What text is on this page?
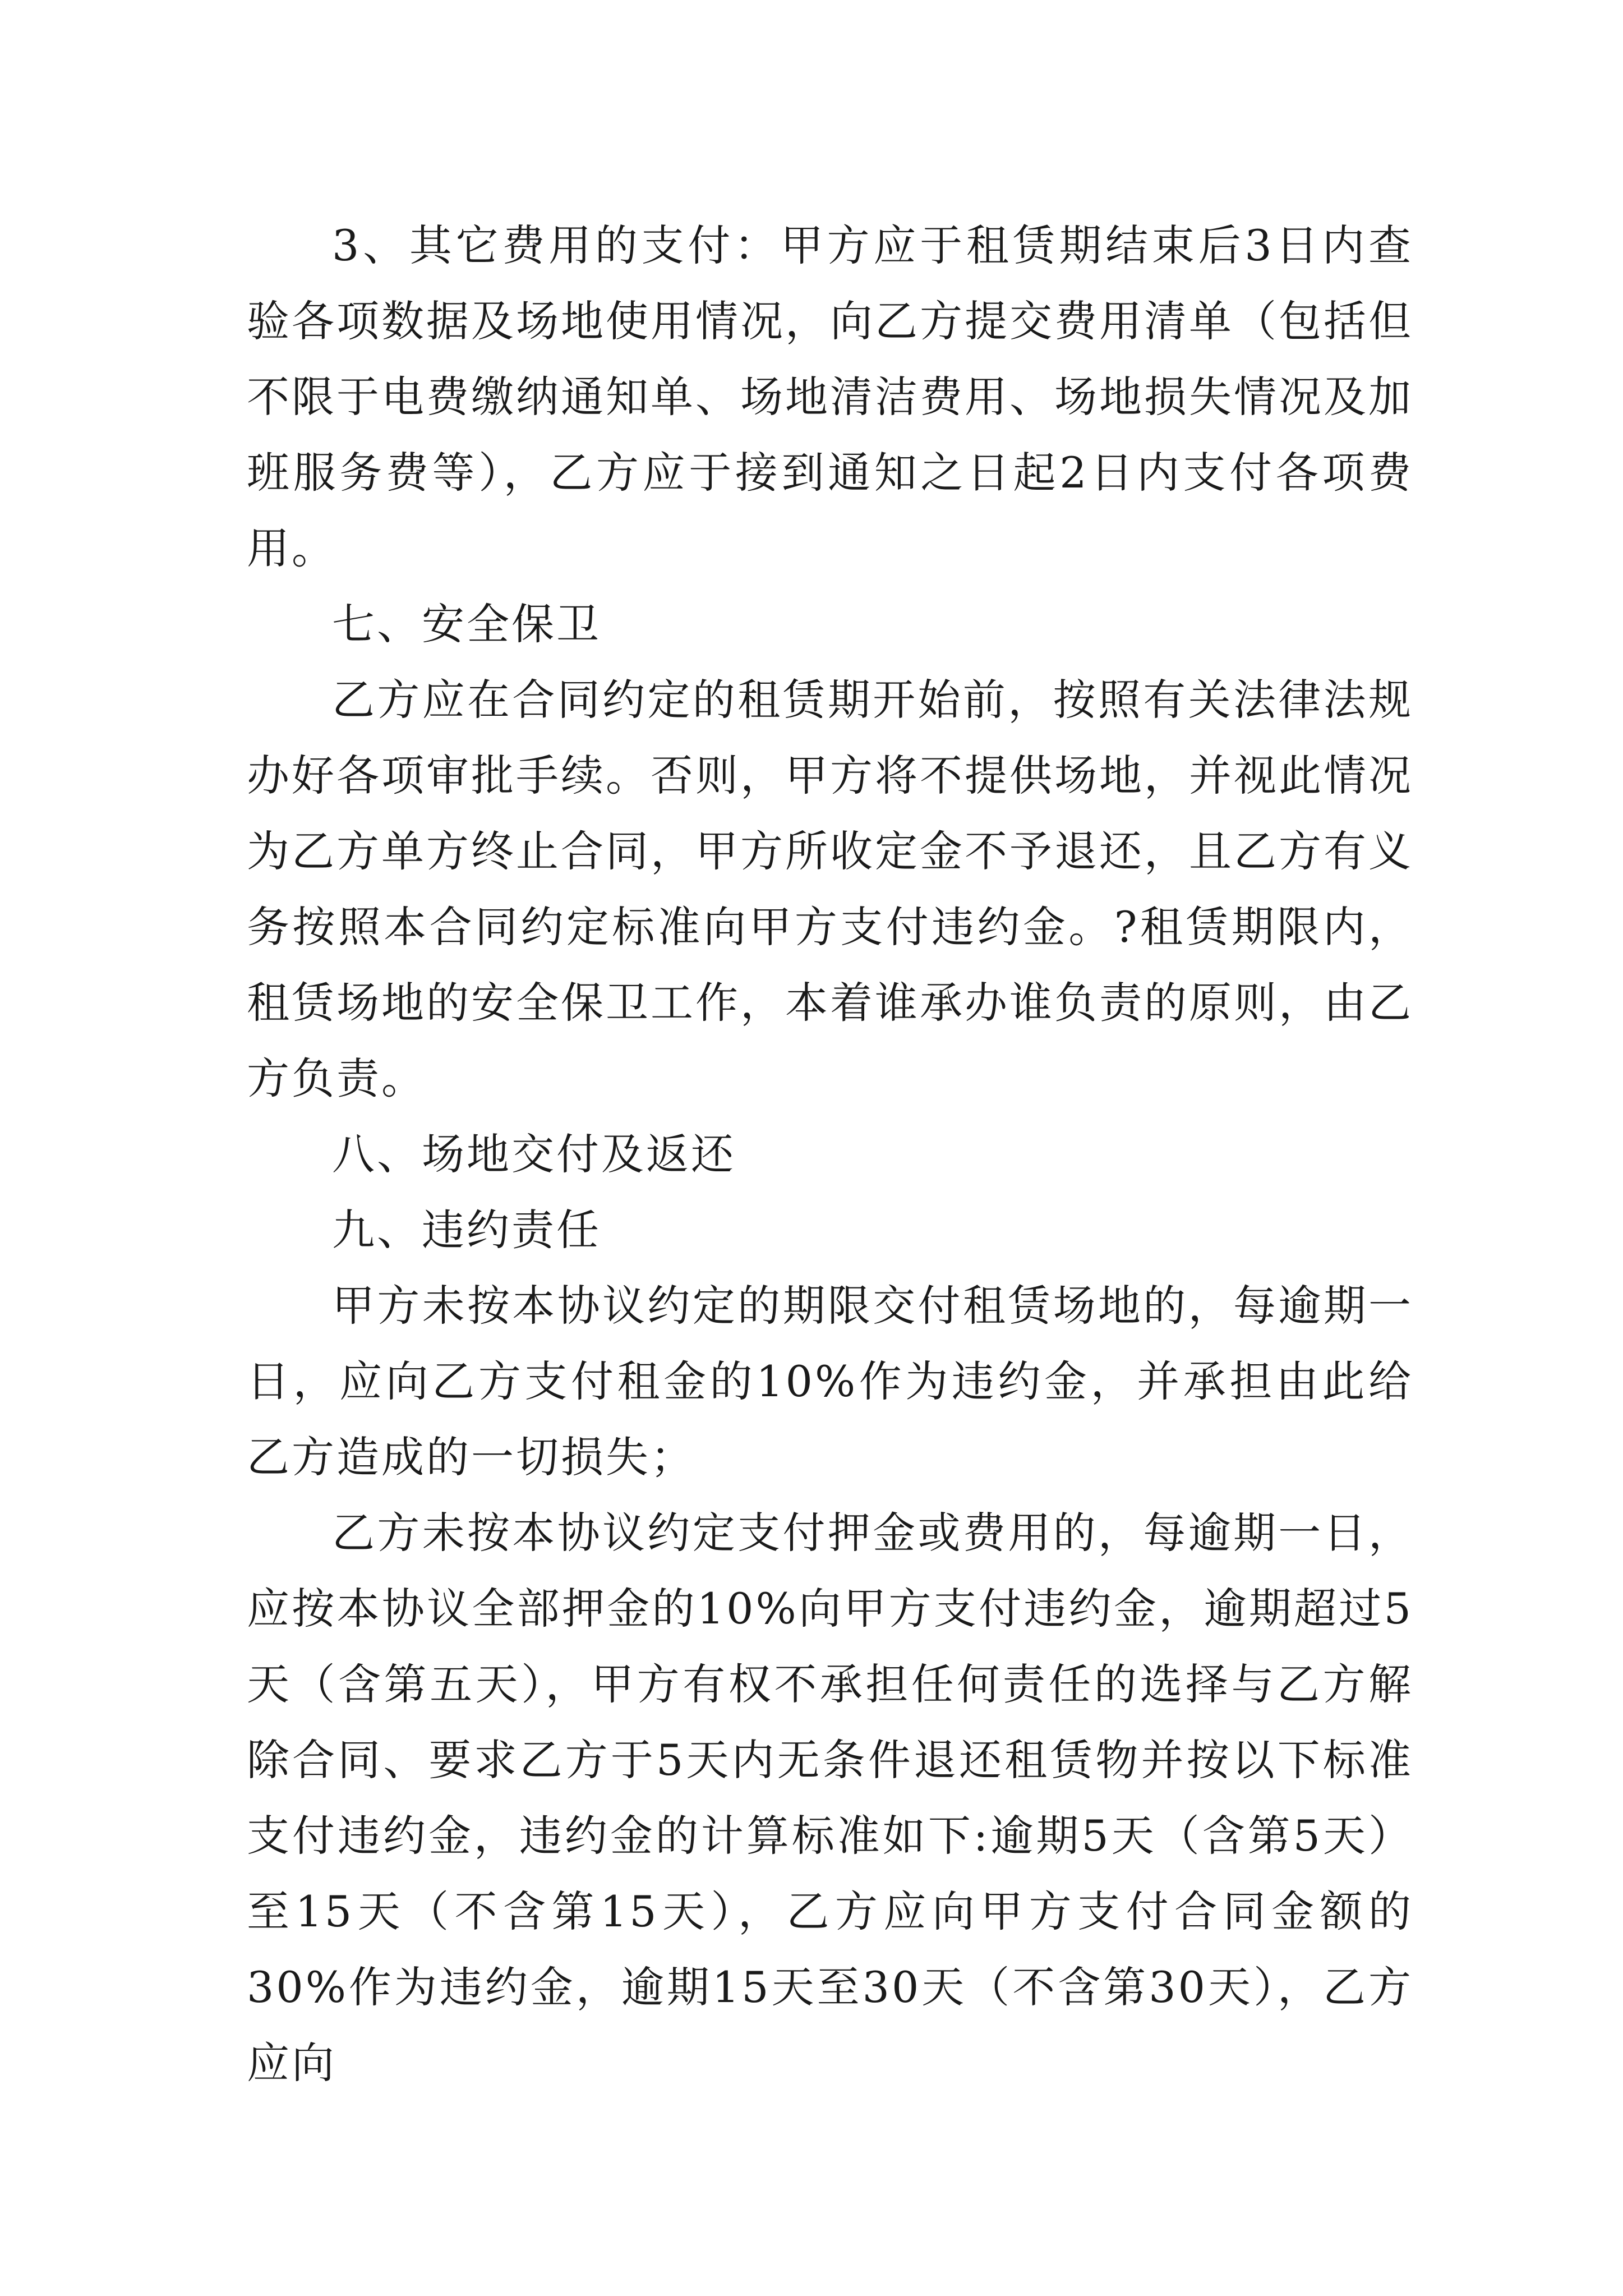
3、其它费用的支付：甲方应于租赁期结束后3日内查验各项数据及场地使用情况，向乙方提交费用清单（包括但不限于电费缴纳通知单、场地清洁费用、场地损失情况及加班服务费等），乙方应于接到通知之日起2日内支付各项费用。

七、安全保卫

乙方应在合同约定的租赁期开始前，按照有关法律法规办好各项审批手续。否则，甲方将不提供场地，并视此情况为乙方单方终止合同，甲方所收定金不予退还，且乙方有义务按照本合同约定标准向甲方支付违约金。?租赁期限内，租赁场地的安全保卫工作，本着谁承办谁负责的原则，由乙方负责。

八、场地交付及返还

九、违约责任

甲方未按本协议约定的期限交付租赁场地的，每逾期一日，应向乙方支付租金的10%作为违约金，并承担由此给乙方造成的一切损失；

乙方未按本协议约定支付押金或费用的，每逾期一日，应按本协议全部押金的10%向甲方支付违约金，逾期超过5天（含第五天），甲方有权不承担任何责任的选择与乙方解除合同、要求乙方于5天内无条件退还租赁物并按以下标准支付违约金，违约金的计算标准如下:逾期5天（含第5天）至15天（不含第15天），乙方应向甲方支付合同金额的30%作为违约金，逾期15天至30天（不含第30天），乙方应向
